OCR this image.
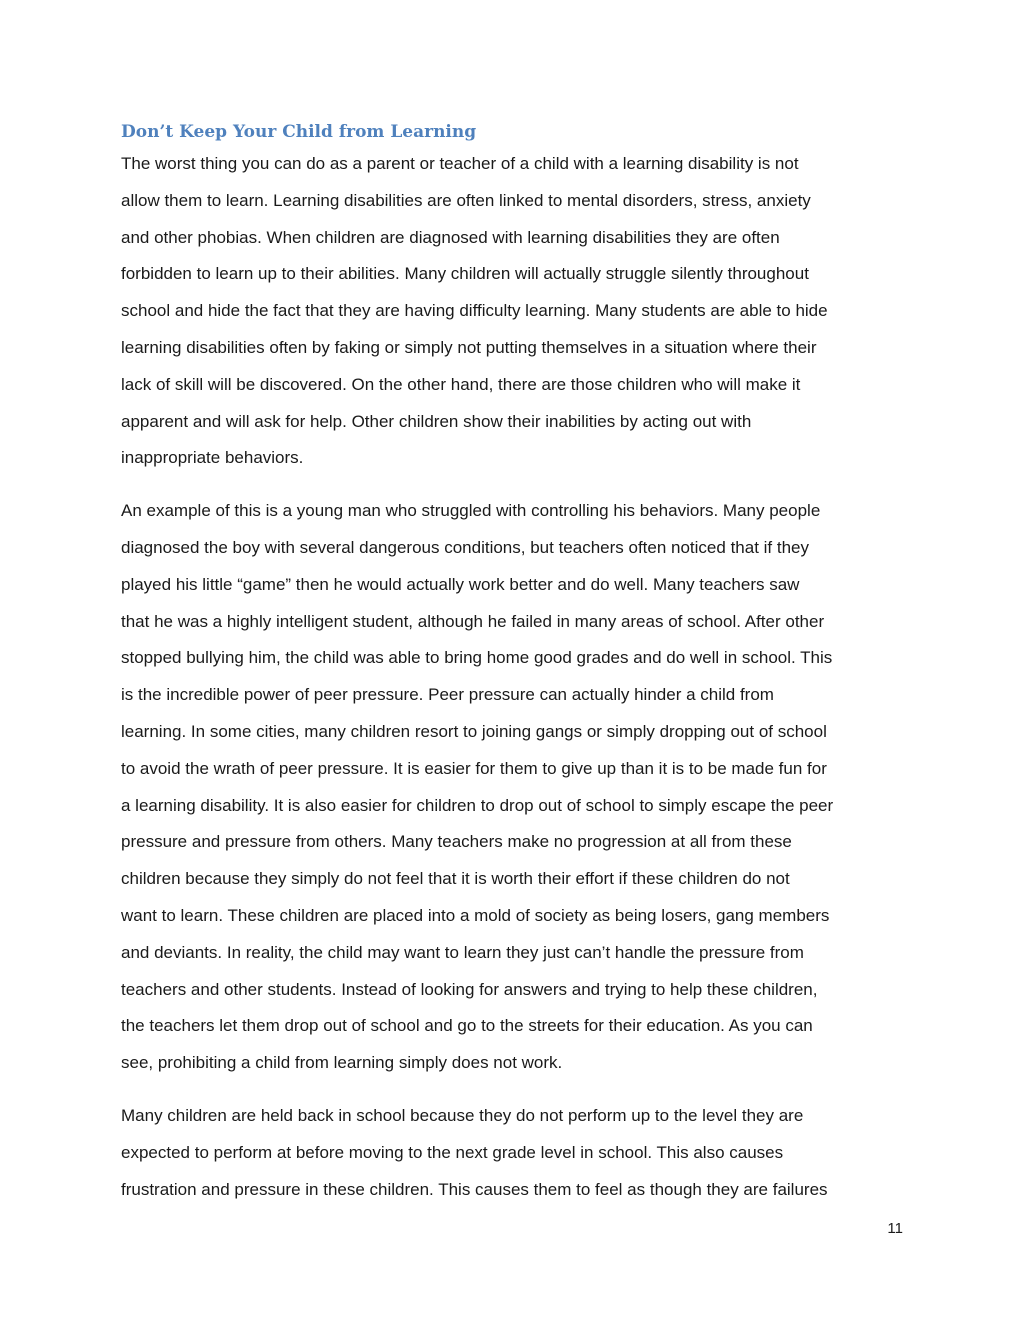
Don’t Keep Your Child from Learning
The worst thing you can do as a parent or teacher of a child with a learning disability is not
allow them to learn. Learning disabilities are often linked to mental disorders, stress, anxiety
and other phobias. When children are diagnosed with learning disabilities they are often
forbidden to learn up to their abilities. Many children will actually struggle silently throughout
school and hide the fact that they are having difficulty learning. Many students are able to hide
learning disabilities often by faking or simply not putting themselves in a situation where their
lack of skill will be discovered. On the other hand, there are those children who will make it
apparent and will ask for help. Other children show their inabilities by acting out with
inappropriate behaviors.
An example of this is a young man who struggled with controlling his behaviors. Many people
diagnosed the boy with several dangerous conditions, but teachers often noticed that if they
played his little “game” then he would actually work better and do well. Many teachers saw
that he was a highly intelligent student, although he failed in many areas of school. After other
stopped bullying him, the child was able to bring home good grades and do well in school. This
is the incredible power of peer pressure. Peer pressure can actually hinder a child from
learning. In some cities, many children resort to joining gangs or simply dropping out of school
to avoid the wrath of peer pressure. It is easier for them to give up than it is to be made fun for
a learning disability. It is also easier for children to drop out of school to simply escape the peer
pressure and pressure from others. Many teachers make no progression at all from these
children because they simply do not feel that it is worth their effort if these children do not
want to learn. These children are placed into a mold of society as being losers, gang members
and deviants. In reality, the child may want to learn they just can’t handle the pressure from
teachers and other students. Instead of looking for answers and trying to help these children,
the teachers let them drop out of school and go to the streets for their education. As you can
see, prohibiting a child from learning simply does not work.
Many children are held back in school because they do not perform up to the level they are
expected to perform at before moving to the next grade level in school. This also causes
frustration and pressure in these children. This causes them to feel as though they are failures
11
